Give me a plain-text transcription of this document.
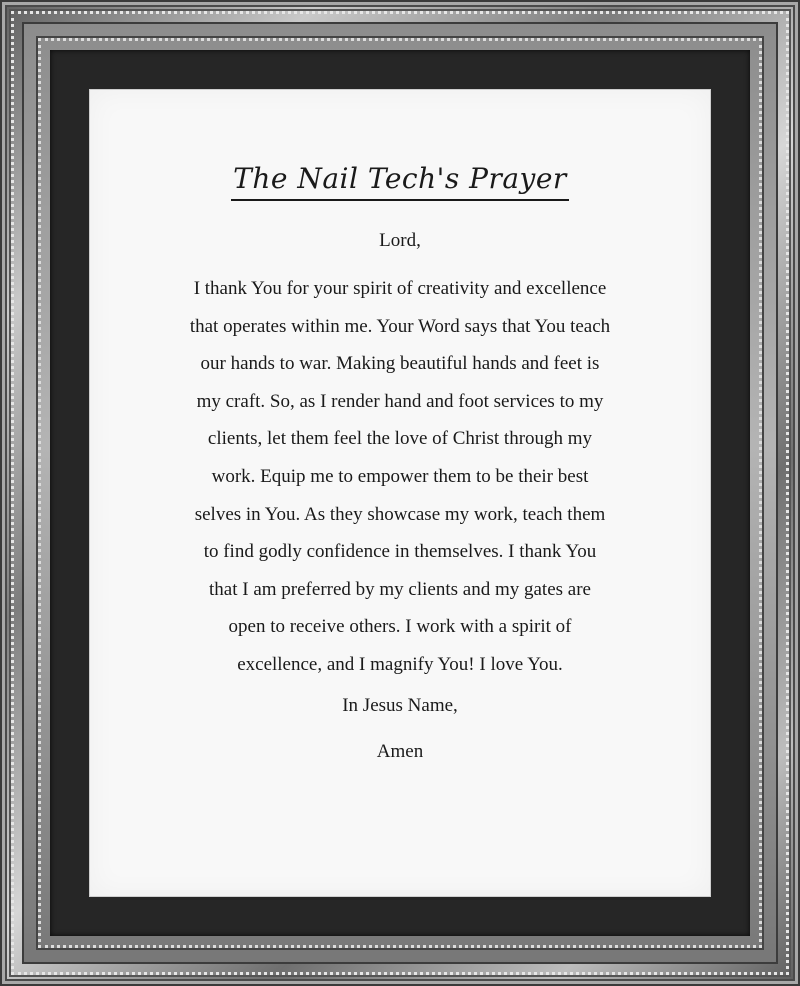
The Nail Tech's Prayer
Lord,
I thank You for your spirit of creativity and excellence
that operates within me. Your Word says that You teach
our hands to war. Making beautiful hands and feet is
my craft. So, as I render hand and foot services to my
clients, let them feel the love of Christ through my
work. Equip me to empower them to be their best
selves in You. As they showcase my work, teach them
to find godly confidence in themselves. I thank You
that I am preferred by my clients and my gates are
open to receive others. I work with a spirit of
excellence, and I magnify You! I love You.
In Jesus Name,
Amen
